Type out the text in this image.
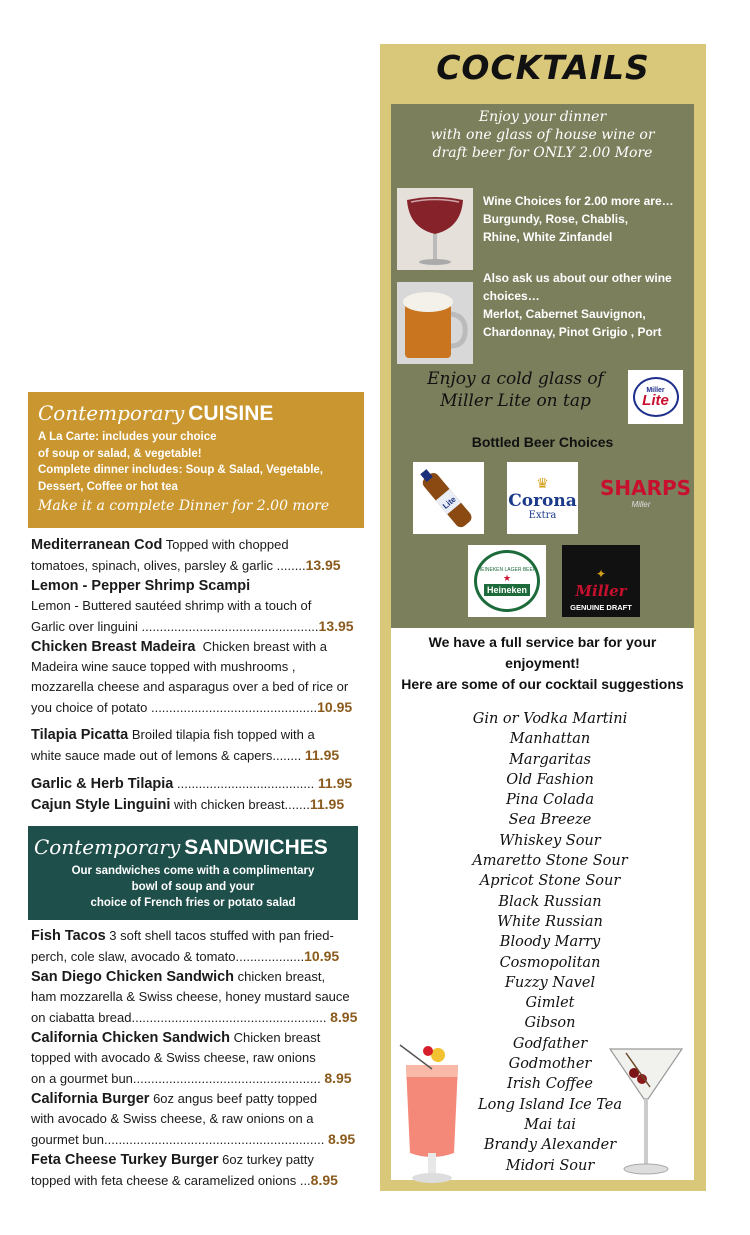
Contemporary CUISINE
A La Carte: includes your choice
of soup or salad, & vegetable!
Complete dinner includes: Soup & Salad, Vegetable,
Dessert, Coffee or hot tea
Make it a complete Dinner for 2.00 more

Mediterranean Cod Topped with chopped

tomatoes, spinach, olives, parsley & garlic ........13.95

Lemon - Pepper Shrimp Scampi

Lemon - Buttered sautéed shrimp with a touch of

Garlic over linguini .................................................13.95

Chicken Breast Madeira Chicken breast with a

Madeira wine sauce topped with mushrooms ,

mozzarella cheese and asparagus over a bed of rice or

you choice of potato ..............................................10.95

Tilapia Picatta Broiled tilapia fish topped with a

white sauce made out of lemons & capers........ 11.95

Garlic & Herb Tilapia ...................................... 11.95

Cajun Style Linguini with chicken breast.......11.95

Contemporary SANDWICHES
Our sandwiches come with a complimentary
bowl of soup and your
choice of French fries or potato salad

Fish Tacos 3 soft shell tacos stuffed with pan fried-

perch, cole slaw, avocado & tomato...................10.95

San Diego Chicken Sandwich chicken breast,

ham mozzarella & Swiss cheese, honey mustard sauce

on ciabatta bread...................................................... 8.95

California Chicken Sandwich Chicken breast

topped with avocado & Swiss cheese, raw onions

on a gourmet bun.................................................... 8.95

California Burger 6oz angus beef patty topped

with avocado & Swiss cheese, & raw onions on a

gourmet bun............................................................. 8.95

Feta Cheese Turkey Burger 6oz turkey patty

topped with feta cheese & caramelized onions ...8.95

COCKTAILS
Enjoy your dinner
with one glass of house wine or
draft beer for ONLY 2.00 More
Wine Choices for 2.00 more are…
Burgundy, Rose, Chablis,
Rhine, White Zinfandel
Also ask us about our other wine
choices…
Merlot, Cabernet Sauvignon,
Chardonnay, Pinot Grigio , Port
Enjoy a cold glass of
Miller Lite on tap
Miller
Lite
Bottled Beer Choices
Lite
♛
Corona
Extra
SHARPS
Miller
HEINEKEN LAGER BEER
★
Heineken
✦
Miller
GENUINE DRAFT
We have a full service bar for your
enjoyment!
Here are some of our cocktail suggestions
Gin or Vodka Martini
Manhattan
Margaritas
Old Fashion
Pina Colada
Sea Breeze
Whiskey Sour
Amaretto Stone Sour
Apricot Stone Sour
Black Russian
White Russian
Bloody Marry
Cosmopolitan
Fuzzy Navel
Gimlet
Gibson
Godfather
Godmother
Irish Coffee
Long Island Ice Tea
Mai tai
Brandy Alexander
Midori Sour
